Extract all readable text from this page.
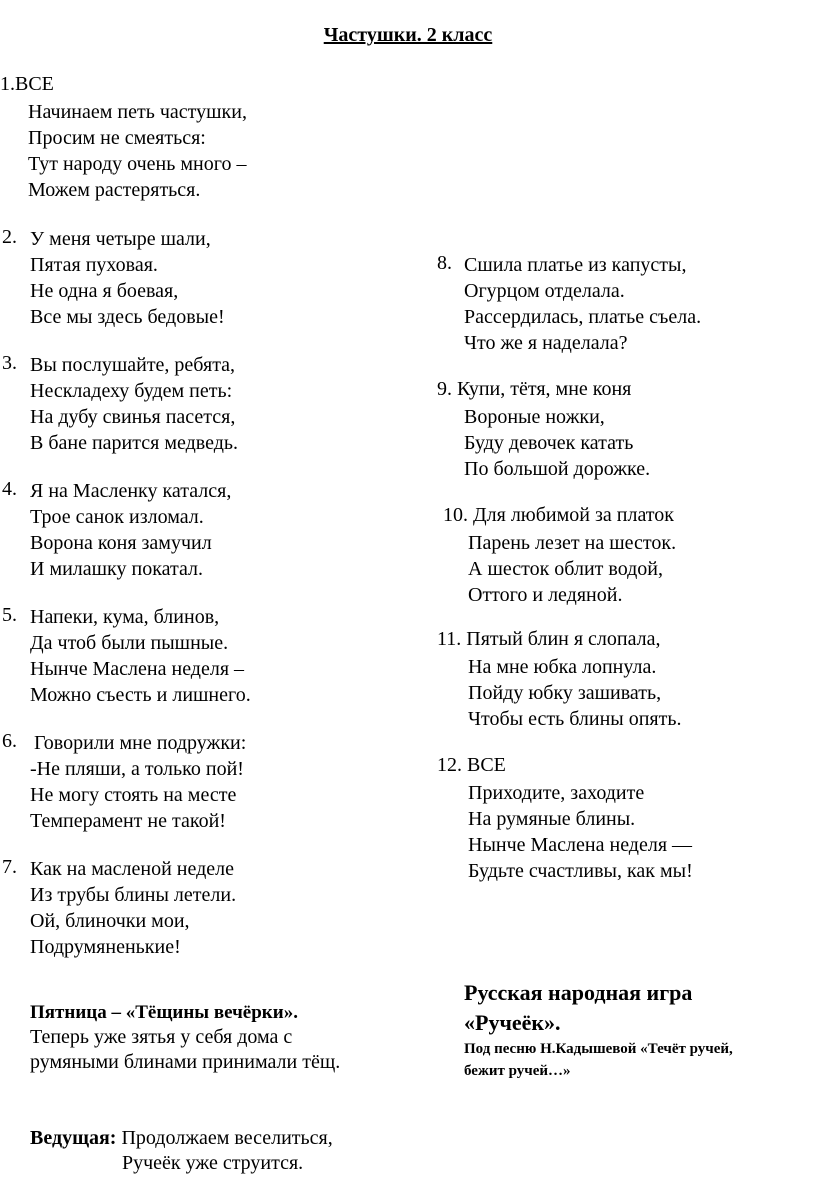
Частушки. 2 класс
1.ВСЕ
Начинаем петь частушки,
Просим не смеяться:
Тут народу очень много –
Можем растеряться.
2. У меня четыре шали,
Пятая пуховая.
Не одна я боевая,
Все мы здесь бедовые!
3. Вы послушайте, ребята,
Нескладеху будем петь:
На дубу свинья пасется,
В бане парится медведь.
4. Я на Масленку катался,
Трое санок изломал.
Ворона коня замучил
И милашку покатал.
5. Напеки, кума, блинов,
Да чтоб были пышные.
Нынче Маслена неделя –
Можно съесть и лишнего.
6. Говорили мне подружки:
-Не пляши, а только пой!
Не могу стоять на месте
Темперамент не такой!
7. Как на масленой неделе
Из трубы блины летели.
Ой, блиночки мои,
Подрумяненькие!
8. Сшила платье из капусты,
Огурцом отделала.
Рассердилась, платье съела.
Что же я наделала?
9. Купи, тётя, мне коня
Вороные ножки,
Буду девочек катать
По большой дорожке.
10. Для любимой за платок
Парень лезет на шесток.
А шесток облит водой,
Оттого и ледяной.
11. Пятый блин я слопала,
На мне юбка лопнула.
Пойду юбку зашивать,
Чтобы есть блины опять.
12. ВСЕ
Приходите, заходите
На румяные блины.
Нынче Маслена неделя —
Будьте счастливы, как мы!
Пятница – «Тёщины вечёрки».
Теперь уже зятья у себя дома с
румяными блинами принимали тёщ.
Русская народная игра
«Ручеёк».
Под песню Н.Кадышевой «Течёт ручей,
бежит ручей…»
Ведущая: Продолжаем веселиться,
Ручеёк уже струится.
